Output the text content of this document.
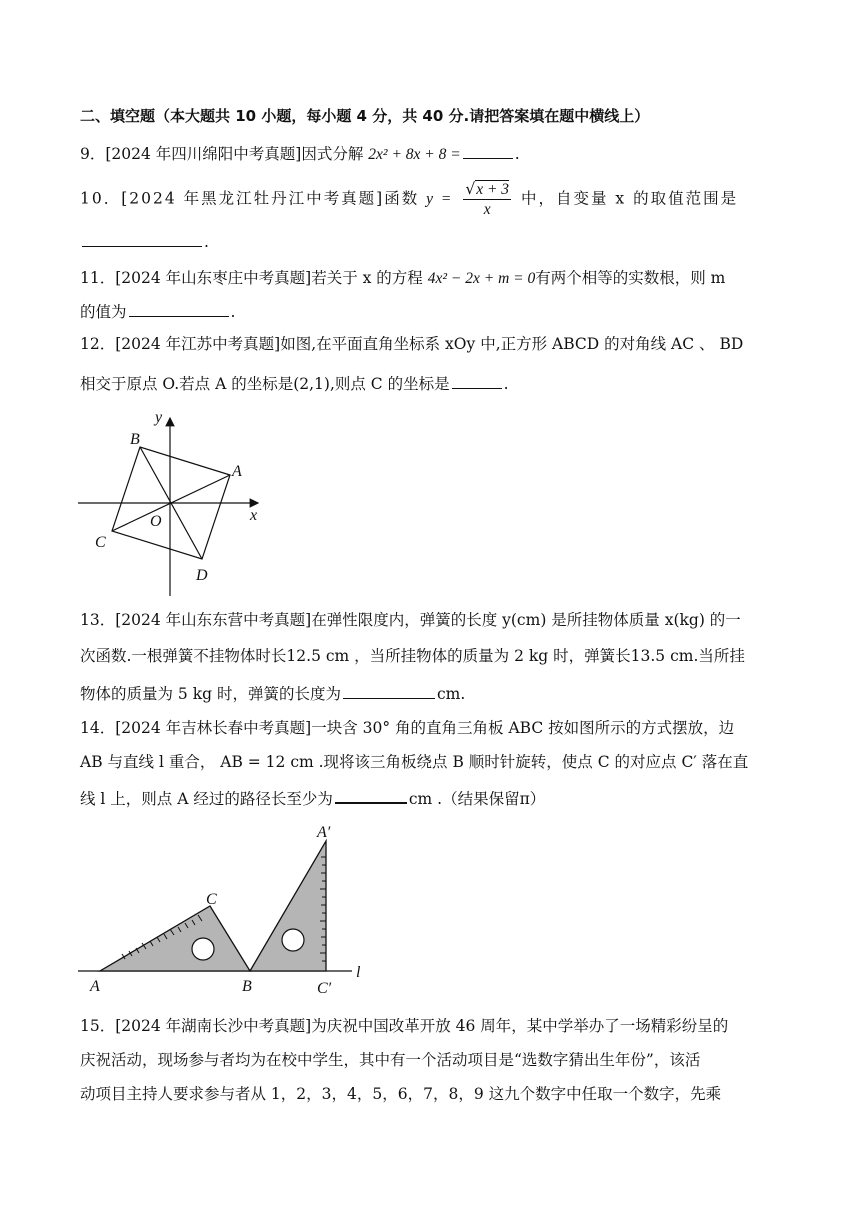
二、填空题（本大题共 10 小题，每小题 4 分，共 40 分.请把答案填在题中横线上）
9．[2024 年四川绵阳中考真题]因式分解 2x² + 8x + 8 =	.
10．[2024 年黑龙江牡丹江中考真题]函数 $y = \frac{√x + 3}{x}$ 中，自变量 x 的取值范围是
.
11．[2024 年山东枣庄中考真题]若关于 x 的方程 4x² − 2x + m = 0有两个相等的实数根，则 m
的值为	.
12．[2024 年江苏中考真题]如图,在平面直角坐标系 xOy 中,正方形 ABCD 的对角线 AC 、 BD
相交于原点 O.若点 A 的坐标是(2,1),则点 C 的坐标是	.
y
x
O
A
B
C
D
13．[2024 年山东东营中考真题]在弹性限度内，弹簧的长度 y(cm) 是所挂物体质量 x(kg) 的一
次函数.一根弹簧不挂物体时长12.5 cm ，当所挂物体的质量为 2 kg 时，弹簧长13.5 cm.当所挂
物体的质量为 5 kg 时，弹簧的长度为	cm.
14．[2024 年吉林长春中考真题]一块含 30° 角的直角三角板 ABC 按如图所示的方式摆放，边
AB 与直线 l 重合， AB = 12 cm .现将该三角板绕点 B 顺时针旋转，使点 C 的对应点 C′ 落在直
线 l 上，则点 A 经过的路径长至少为	cm .（结果保留π）
A	B
C
A′
C′
l
15．[2024 年湖南长沙中考真题]为庆祝中国改革开放 46 周年，某中学举办了一场精彩纷呈的
庆祝活动，现场参与者均为在校中学生，其中有一个活动项目是“选数字猜出生年份”，该活
动项目主持人要求参与者从 1，2，3，4，5，6，7，8，9 这九个数字中任取一个数字，先乘
